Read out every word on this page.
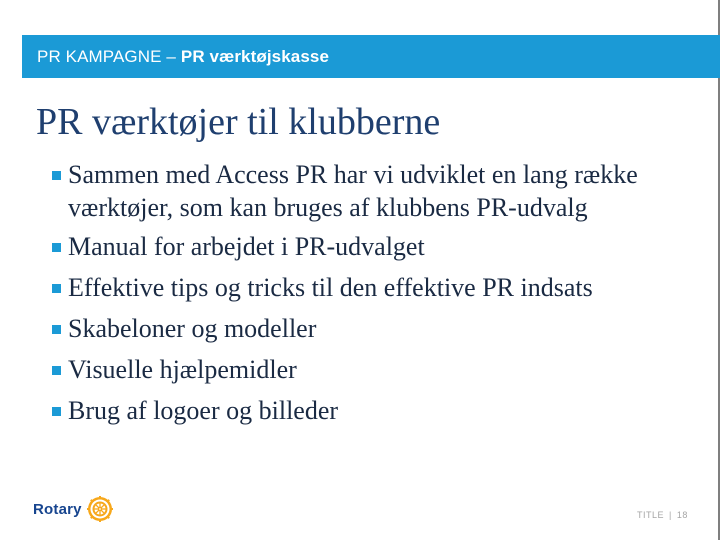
PR KAMPAGNE – PR værktøjskasse
PR værktøjer til klubberne
Sammen med Access PR har vi udviklet en lang række værktøjer, som kan bruges af klubbens PR-udvalg
Manual for arbejdet i PR-udvalget
Effektive tips og tricks til den effektive PR indsats
Skabeloner og modeller
Visuelle hjælpemidler
Brug af logoer og billeder
Rotary	TITLE | 18
